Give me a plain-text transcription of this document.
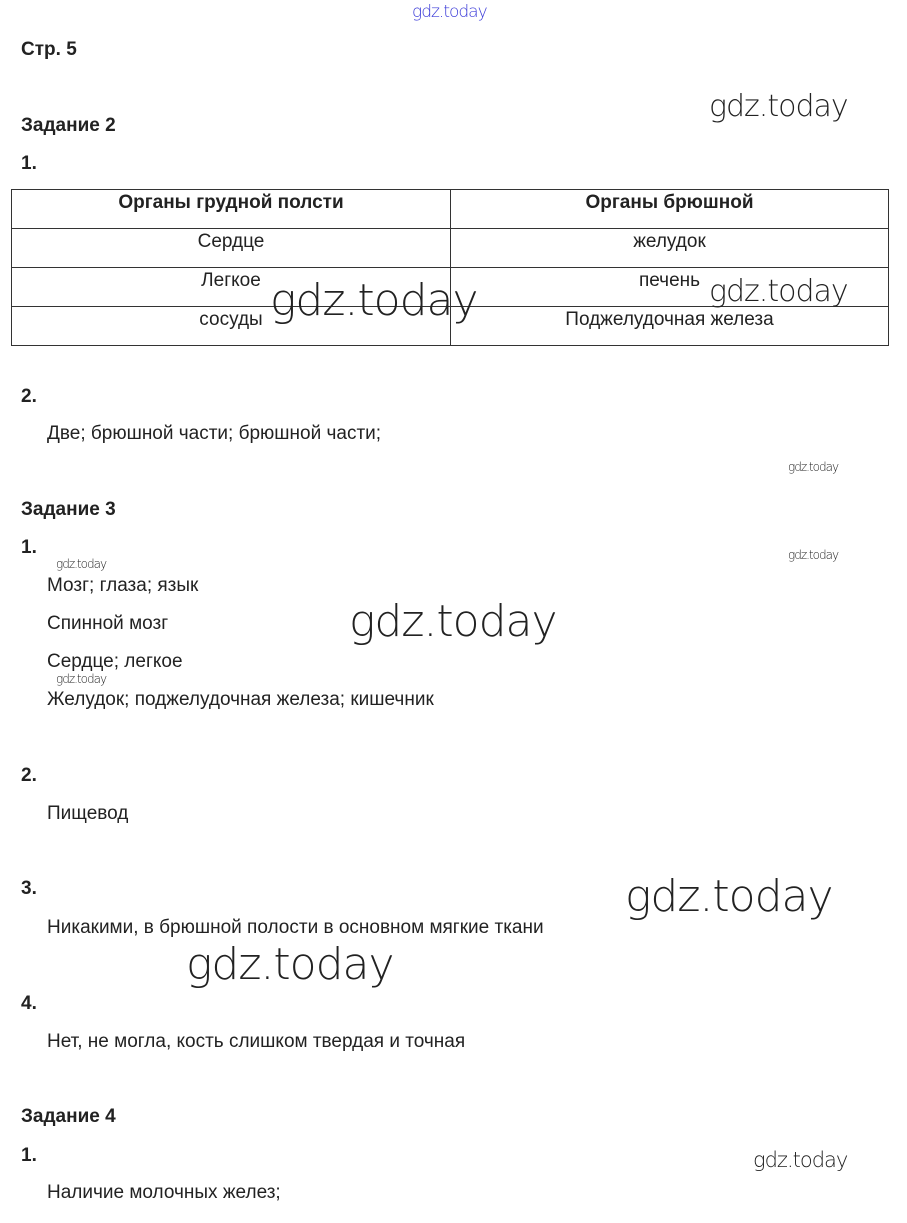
gdz.today
Стр. 5
Задание 2
1.
Органы грудной полсти	Органы брюшной
Сердце	желудок
Легкое	печень
сосуды	Поджелудочная железа
2.
Две; брюшной части; брюшной части;
Задание 3
1.
Мозг; глаза; язык
Спинной мозг
Сердце; легкое
Желудок; поджелудочная железа; кишечник
2.
Пищевод
3.
Никакими, в брюшной полости в основном мягкие ткани
4.
Нет, не могла, кость слишком твердая и точная
Задание 4
1.
Наличие молочных желез;
gdz.today
gdz.today	gdz.today
gdz.today
gdz.today
gdz.today
gdz.today
gdz.today
gdz.today
gdz.today
gdz.today
